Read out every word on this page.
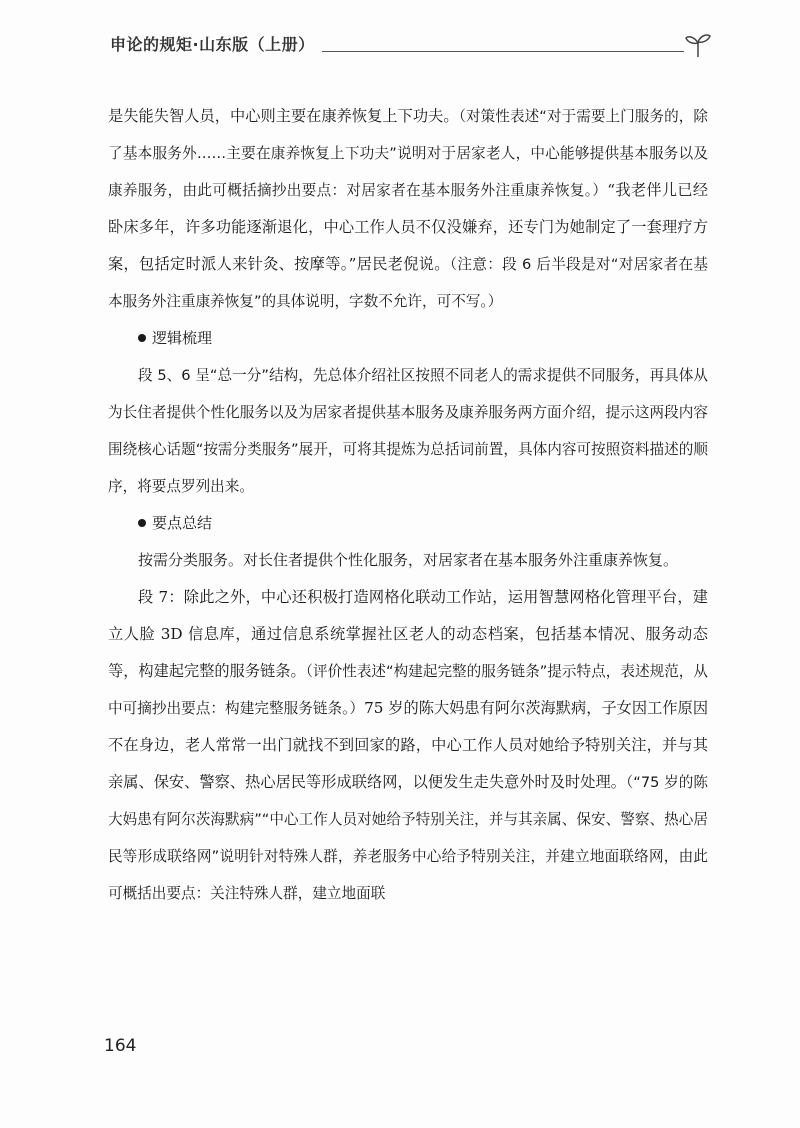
申论的规矩·山东版（上册）

是失能失智人员，中心则主要在康养恢复上下功夫。（对策性表述“对于需要上门服务的，除了基本服务外……主要在康养恢复上下功夫”说明对于居家老人，中心能够提供基本服务以及康养服务，由此可概括摘抄出要点：对居家者在基本服务外注重康养恢复。）“我老伴儿已经卧床多年，许多功能逐渐退化，中心工作人员不仅没嫌弃，还专门为她制定了一套理疗方案，包括定时派人来针灸、按摩等。”居民老倪说。（注意：段 6 后半段是对“对居家者在基本服务外注重康养恢复”的具体说明，字数不允许，可不写。）

逻辑梳理

段 5、6 呈“总一分”结构，先总体介绍社区按照不同老人的需求提供不同服务，再具体从为长住者提供个性化服务以及为居家者提供基本服务及康养服务两方面介绍，提示这两段内容围绕核心话题“按需分类服务”展开，可将其提炼为总括词前置，具体内容可按照资料描述的顺序，将要点罗列出来。

要点总结

按需分类服务。对长住者提供个性化服务，对居家者在基本服务外注重康养恢复。

段 7：除此之外，中心还积极打造网格化联动工作站，运用智慧网格化管理平台，建立人脸 3D 信息库，通过信息系统掌握社区老人的动态档案，包括基本情况、服务动态等，构建起完整的服务链条。（评价性表述“构建起完整的服务链条”提示特点，表述规范，从中可摘抄出要点：构建完整服务链条。）75 岁的陈大妈患有阿尔茨海默病，子女因工作原因不在身边，老人常常一出门就找不到回家的路，中心工作人员对她给予特别关注，并与其亲属、保安、警察、热心居民等形成联络网，以便发生走失意外时及时处理。（“75 岁的陈大妈患有阿尔茨海默病”“中心工作人员对她给予特别关注，并与其亲属、保安、警察、热心居民等形成联络网”说明针对特殊人群，养老服务中心给予特别关注，并建立地面联络网，由此可概括出要点：关注特殊人群，建立地面联

164
